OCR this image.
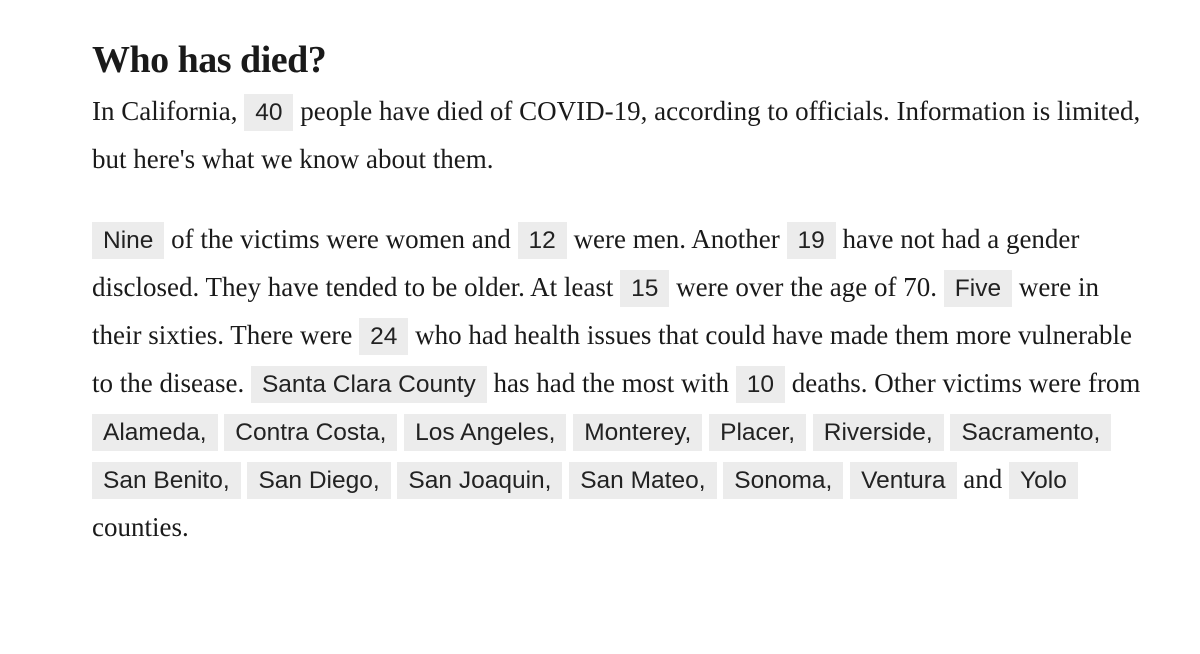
Who has died?

In California, 40 people have died of COVID-19, according to officials. Information is limited, but here's what we know about them.

Nine of the victims were women and 12 were men. Another 19 have not had a gender disclosed. They have tended to be older. At least 15 were over the age of 70. Five were in their sixties. There were 24 who had health issues that could have made them more vulnerable to the disease. Santa Clara County has had the most with 10 deaths. Other victims were from Alameda, Contra Costa, Los Angeles, Monterey, Placer, Riverside, Sacramento, San Benito, San Diego, San Joaquin, San Mateo, Sonoma, Ventura and Yolo counties.
